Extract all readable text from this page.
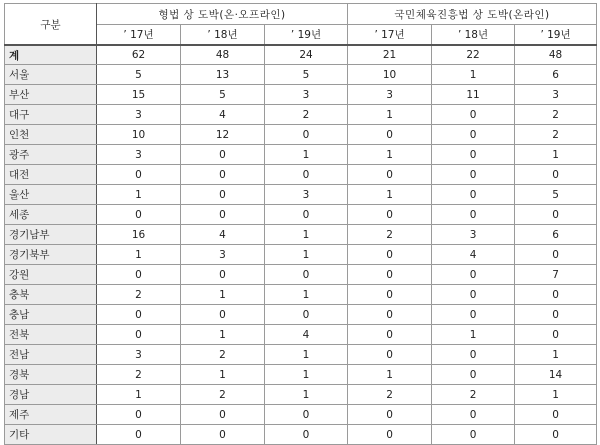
구분	형법 상 도박(온·오프라인)			국민체육진흥법 상 도박(온라인)		
	’ 17년	’ 18년	’ 19년	’ 17년	’ 18년	’ 19년
계	62	48	24	21	22	48
서울	5	13	5	10	1	6
부산	15	5	3	3	11	3
대구	3	4	2	1	0	2
인천	10	12	0	0	0	2
광주	3	0	1	1	0	1
대전	0	0	0	0	0	0
울산	1	0	3	1	0	5
세종	0	0	0	0	0	0
경기남부	16	4	1	2	3	6
경기북부	1	3	1	0	4	0
강원	0	0	0	0	0	7
충북	2	1	1	0	0	0
충남	0	0	0	0	0	0
전북	0	1	4	0	1	0
전남	3	2	1	0	0	1
경북	2	1	1	1	0	14
경남	1	2	1	2	2	1
제주	0	0	0	0	0	0
기타	0	0	0	0	0	0
